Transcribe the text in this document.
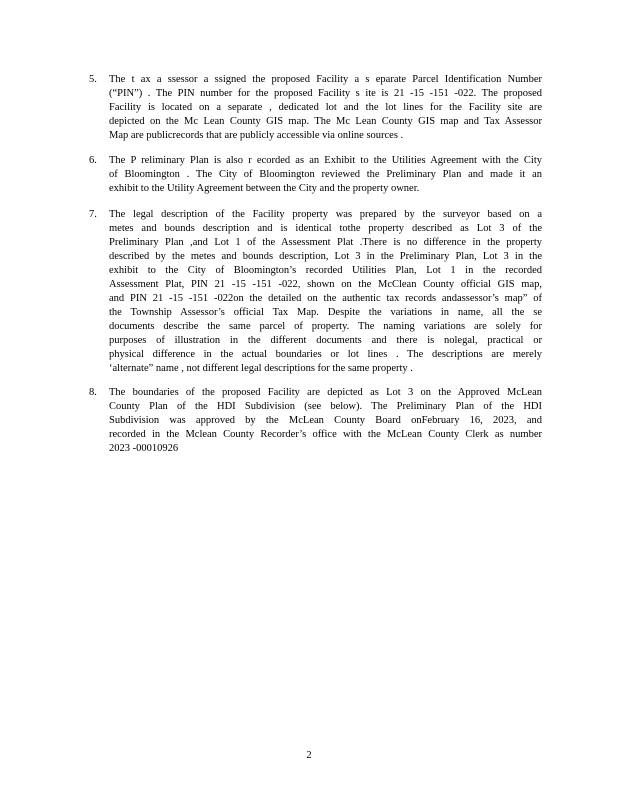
5. The t ax a ssessor a ssigned the proposed Facility a s eparate Parcel Identification Number
(“PIN”) . The PIN number for the proposed Facility s ite is 21 -15 -151 -022. The proposed
Facility is located on a separate , dedicated lot and the lot lines for the Facility site are
depicted on the Mc Lean County GIS map. The Mc Lean County GIS map and Tax Assessor
Map are publicrecords that are publicly accessible via online sources .
6. The P reliminary Plan is also r ecorded as an Exhibit to the Utilities Agreement with the City
of Bloomington . The City of Bloomington reviewed the Preliminary Plan and made it an
exhibit to the Utility Agreement between the City and the property owner.
7. The legal description of the Facility property was prepared by the surveyor based on a
metes and bounds description and is identical tothe property described as Lot 3 of the
Preliminary Plan ,and Lot 1 of the Assessment Plat .There is no difference in the property
described by the metes and bounds description, Lot 3 in the Preliminary Plan, Lot 3 in the
exhibit to the City of Bloomington’s recorded Utilities Plan, Lot 1 in the recorded
Assessment Plat, PIN 21 -15 -151 -022, shown on the McClean County official GIS map,
and PIN 21 -15 -151 -022on the detailed on the authentic tax records andassessor’s map” of
the Township Assessor’s official Tax Map. Despite the variations in name, all the se
documents describe the same parcel of property. The naming variations are solely for
purposes of illustration in the different documents and there is nolegal, practical or
physical difference in the actual boundaries or lot lines . The descriptions are merely
‘alternate” name , not different legal descriptions for the same property .
8. The boundaries of the proposed Facility are depicted as Lot 3 on the Approved McLean
County Plan of the HDI Subdivision (see below). The Preliminary Plan of the HDI
Subdivision was approved by the McLean County Board onFebruary 16, 2023, and
recorded in the Mclean County Recorder’s office with the McLean County Clerk as number
2023 -00010926
2
